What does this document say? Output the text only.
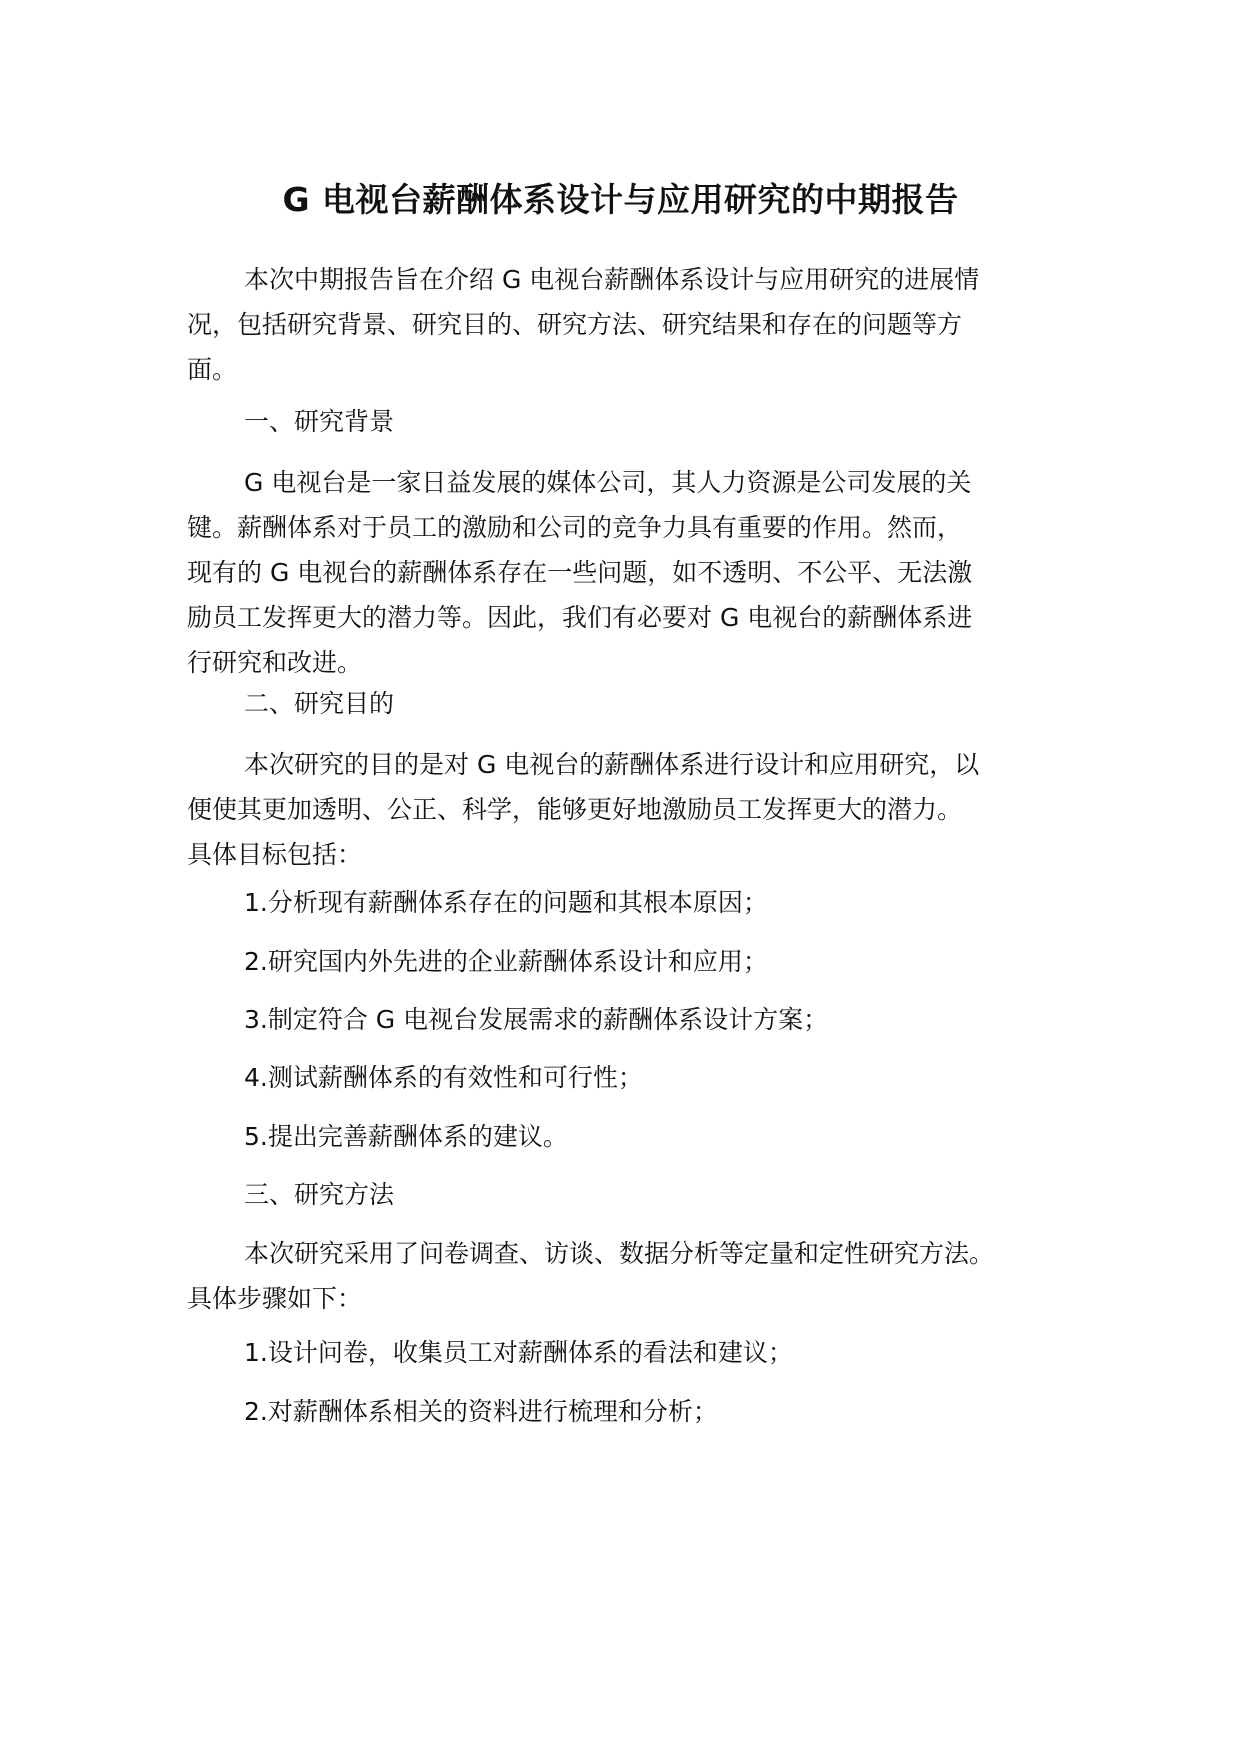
G 电视台薪酬体系设计与应用研究的中期报告
本次中期报告旨在介绍 G 电视台薪酬体系设计与应用研究的进展情
况，包括研究背景、研究目的、研究方法、研究结果和存在的问题等方
面。
一、研究背景
G 电视台是一家日益发展的媒体公司，其人力资源是公司发展的关
键。薪酬体系对于员工的激励和公司的竞争力具有重要的作用。然而，
现有的 G 电视台的薪酬体系存在一些问题，如不透明、不公平、无法激
励员工发挥更大的潜力等。因此，我们有必要对 G 电视台的薪酬体系进
行研究和改进。
二、研究目的
本次研究的目的是对 G 电视台的薪酬体系进行设计和应用研究，以
便使其更加透明、公正、科学，能够更好地激励员工发挥更大的潜力。
具体目标包括：
1.分析现有薪酬体系存在的问题和其根本原因；
2.研究国内外先进的企业薪酬体系设计和应用；
3.制定符合 G 电视台发展需求的薪酬体系设计方案；
4.测试薪酬体系的有效性和可行性；
5.提出完善薪酬体系的建议。
三、研究方法
本次研究采用了问卷调查、访谈、数据分析等定量和定性研究方法。
具体步骤如下：
1.设计问卷，收集员工对薪酬体系的看法和建议；
2.对薪酬体系相关的资料进行梳理和分析；
